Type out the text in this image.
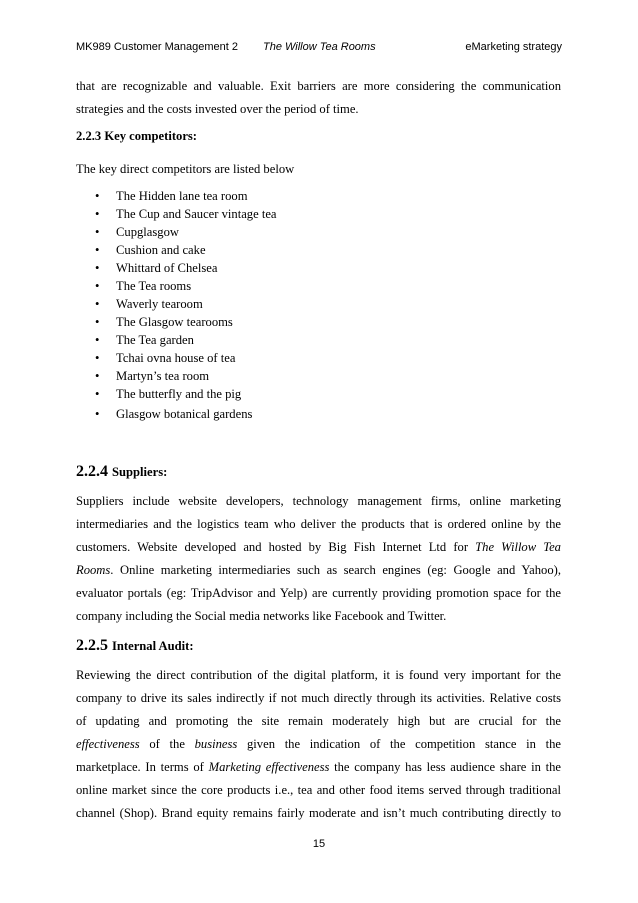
MK989 Customer Management 2 The Willow Tea Rooms	eMarketing strategy
that are recognizable and valuable. Exit barriers are more considering the communication
strategies and the costs invested over the period of time.
2.2.3 Key competitors:
The key direct competitors are listed below
• The Hidden lane tea room
• The Cup and Saucer vintage tea
• Cupglasgow
• Cushion and cake
• Whittard of Chelsea
• The Tea rooms
• Waverly tearoom
• The Glasgow tearooms
• The Tea garden
• Tchai ovna house of tea
• Martyn’s tea room
• The butterfly and the pig
• Glasgow botanical gardens
2.2.4 Suppliers:
Suppliers include website developers, technology management firms, online marketing
intermediaries and the logistics team who deliver the products that is ordered online by the
customers. Website developed and hosted by Big Fish Internet Ltd for The Willow Tea
Rooms. Online marketing intermediaries such as search engines (eg: Google and Yahoo),
evaluator portals (eg: TripAdvisor and Yelp) are currently providing promotion space for the
company including the Social media networks like Facebook and Twitter.
2.2.5 Internal Audit:
Reviewing the direct contribution of the digital platform, it is found very important for the
company to drive its sales indirectly if not much directly through its activities. Relative costs
of updating and promoting the site remain moderately high but are crucial for the
effectiveness of the business given the indication of the competition stance in the
marketplace. In terms of Marketing effectiveness the company has less audience share in the
online market since the core products i.e., tea and other food items served through traditional
channel (Shop). Brand equity remains fairly moderate and isn’t much contributing directly to
15
